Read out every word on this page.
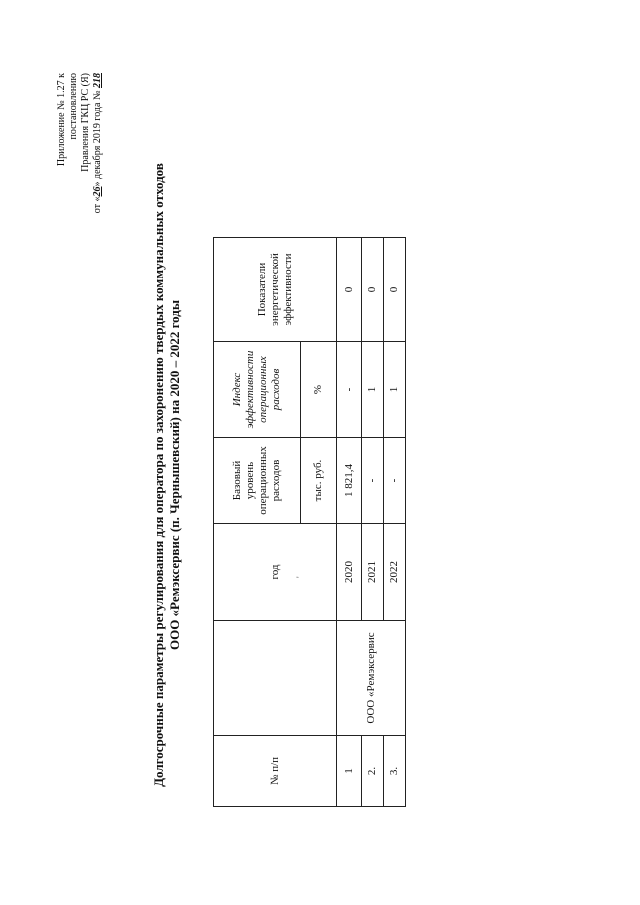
Приложение № 1.27 к постановлению Правления ГКЦ РС (Я)
от «26» декабря 2019 года № 218
Долгосрочные параметры регулирования для оператора по захоронению твердых коммунальных отходов ООО «Ремэксервис (п. Чернышевский) на 2020 – 2022 годы
№ п/п		год	Базовый уровень операционных расходов	Индекс эффективности операционных расходов	Показатели энергетической эффективности
			тыс. руб.	%	
1	ООО «Ремэксервис	2020	1 821,4	-	0
2.		2021	-	1	0
3.		2022	-	1	0
'
